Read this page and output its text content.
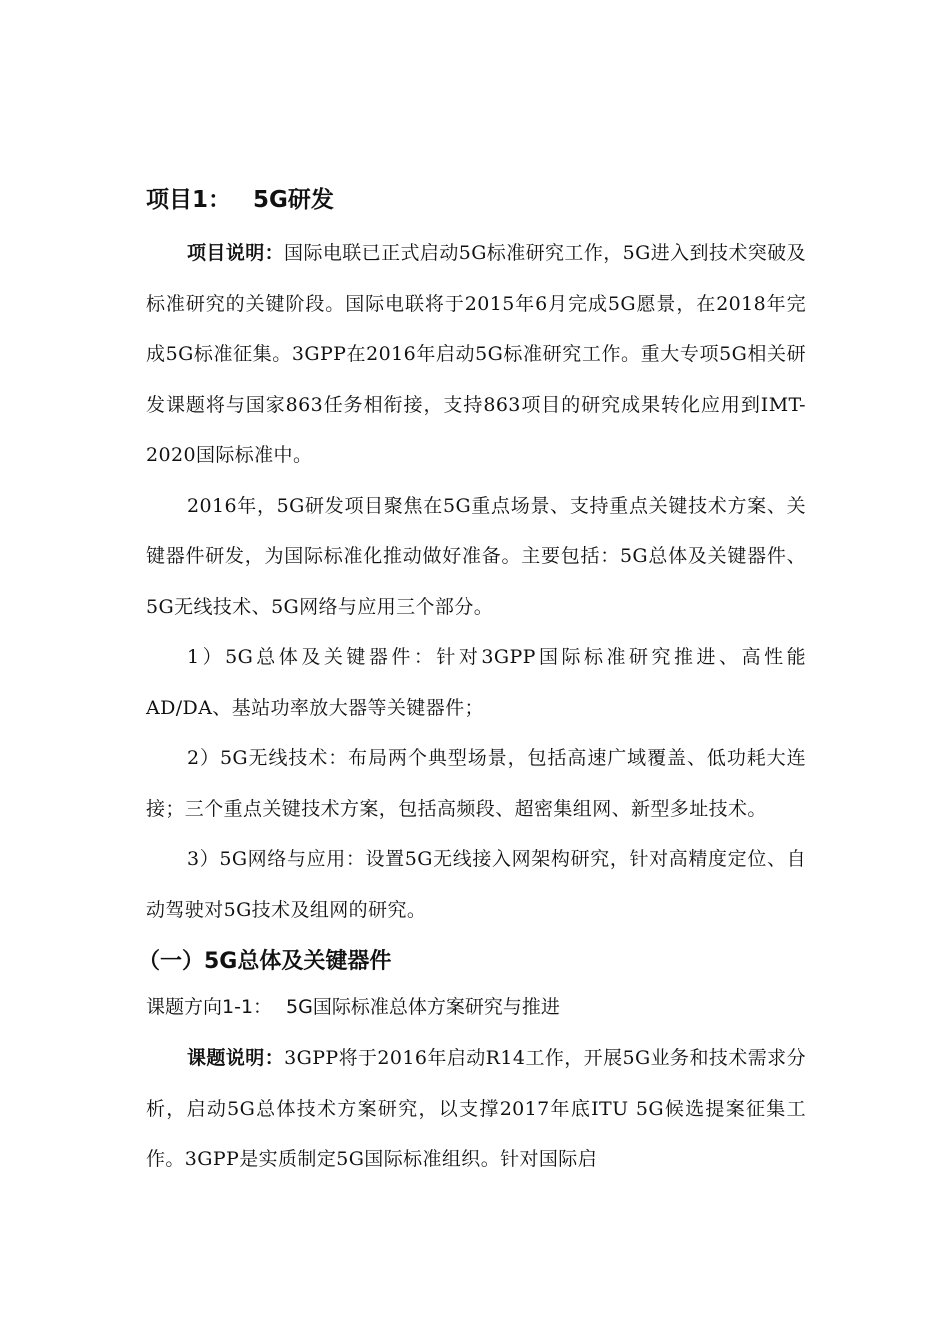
项目1： 5G研发

项目说明：国际电联已正式启动5G标准研究工作，5G进入到技术突破及标准研究的关键阶段。国际电联将于2015年6月完成5G愿景，在2018年完成5G标准征集。3GPP在2016年启动5G标准研究工作。重大专项5G相关研发课题将与国家863任务相衔接，支持863项目的研究成果转化应用到IMT-2020国际标准中。

2016年，5G研发项目聚焦在5G重点场景、支持重点关键技术方案、关键器件研发，为国际标准化推动做好准备。主要包括：5G总体及关键器件、5G无线技术、5G网络与应用三个部分。

1）5G总体及关键器件：针对3GPP国际标准研究推进、高性能AD/DA、基站功率放大器等关键器件；

2）5G无线技术：布局两个典型场景，包括高速广域覆盖、低功耗大连接；三个重点关键技术方案，包括高频段、超密集组网、新型多址技术。

3）5G网络与应用：设置5G无线接入网架构研究，针对高精度定位、自动驾驶对5G技术及组网的研究。

（一）5G总体及关键器件
课题方向1-1： 5G国际标准总体方案研究与推进

课题说明：3GPP将于2016年启动R14工作，开展5G业务和技术需求分析，启动5G总体技术方案研究，以支撑2017年底ITU 5G候选提案征集工作。3GPP是实质制定5G国际标准组织。针对国际启
